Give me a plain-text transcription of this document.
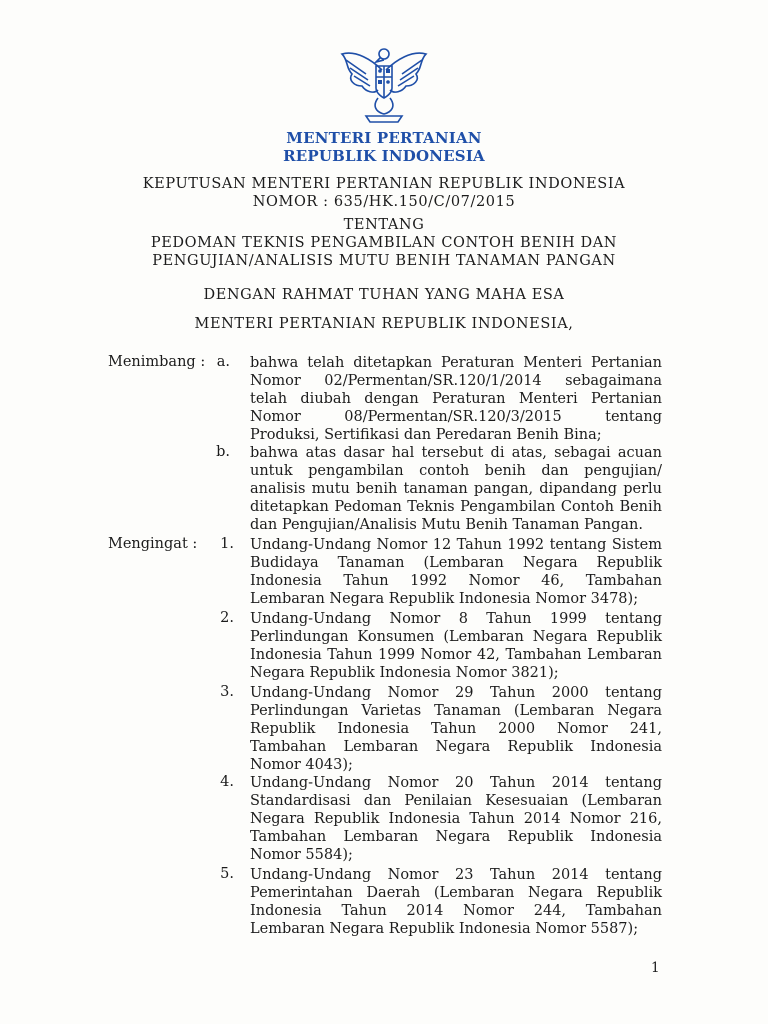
MENTERI PERTANIAN
REPUBLIK INDONESIA
KEPUTUSAN MENTERI PERTANIAN REPUBLIK INDONESIA
NOMOR : 635/HK.150/C/07/2015
TENTANG
PEDOMAN TEKNIS PENGAMBILAN CONTOH BENIH DAN
PENGUJIAN/ANALISIS MUTU BENIH TANAMAN PANGAN
DENGAN RAHMAT TUHAN YANG MAHA ESA
MENTERI PERTANIAN REPUBLIK INDONESIA,
Menimbang : a. bahwa telah ditetapkan Peraturan Menteri Pertanian
Nomor 02/Permentan/SR.120/1/2014 sebagaimana
telah diubah dengan Peraturan Menteri Pertanian
Nomor 08/Permentan/SR.120/3/2015 tentang
Produksi, Sertifikasi dan Peredaran Benih Bina;
b. bahwa atas dasar hal tersebut di atas, sebagai acuan
untuk pengambilan contoh benih dan pengujian/
analisis mutu benih tanaman pangan, dipandang perlu
ditetapkan Pedoman Teknis Pengambilan Contoh Benih
dan Pengujian/Analisis Mutu Benih Tanaman Pangan.
Mengingat :	1. Undang-Undang Nomor 12 Tahun 1992 tentang Sistem
Budidaya Tanaman (Lembaran Negara Republik
Indonesia Tahun 1992 Nomor 46, Tambahan
Lembaran Negara Republik Indonesia Nomor 3478);
2. Undang-Undang Nomor 8 Tahun 1999 tentang
Perlindungan Konsumen (Lembaran Negara Republik
Indonesia Tahun 1999 Nomor 42, Tambahan Lembaran
Negara Republik Indonesia Nomor 3821);
3. Undang-Undang Nomor 29 Tahun 2000 tentang
Perlindungan Varietas Tanaman (Lembaran Negara
Republik Indonesia Tahun 2000 Nomor 241,
Tambahan Lembaran Negara Republik Indonesia
Nomor 4043);
4. Undang-Undang Nomor 20 Tahun 2014 tentang
Standardisasi dan Penilaian Kesesuaian (Lembaran
Negara Republik Indonesia Tahun 2014 Nomor 216,
Tambahan Lembaran Negara Republik Indonesia
Nomor 5584);
5. Undang-Undang Nomor 23 Tahun 2014 tentang
Pemerintahan Daerah (Lembaran Negara Republik
Indonesia Tahun 2014 Nomor 244, Tambahan
Lembaran Negara Republik Indonesia Nomor 5587);
1
